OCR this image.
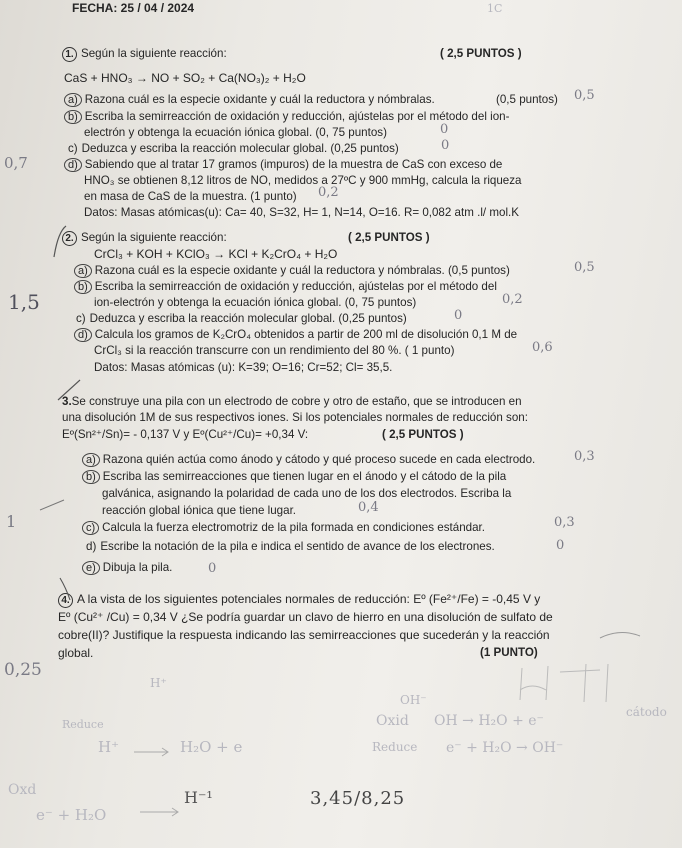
FECHA: 25 / 04 / 2024	1C
1. Según la siguiente reacción:	( 2,5 PUNTOS )
CaS + HNO₃ → NO + SO₂ + Ca(NO₃)₂ + H₂O
a) Razona cuál es la especie oxidante y cuál la reductora y nómbralas.	(0,5 puntos) 0,5
b) Escriba la semirreacción de oxidación y reducción, ajústelas por el método del ion-
electrón y obtenga la ecuación iónica global. (0, 75 puntos)	0
c) Deduzca y escriba la reacción molecular global. (0,25 puntos)	0
d) Sabiendo que al tratar 17 gramos (impuros) de la muestra de CaS con exceso de
HNO₃ se obtienen 8,12 litros de NO, medidos a 27ºC y 900 mmHg, calcula la riqueza
en masa de CaS de la muestra. (1 punto) 0,2
Datos: Masas atómicas(u): Ca= 40, S=32, H= 1, N=14, O=16. R= 0,082 atm .l/ mol.K
0,7
2. Según la siguiente reacción:	( 2,5 PUNTOS )
CrCl₃ + KOH + KClO₃ → KCl + K₂CrO₄ + H₂O
a) Razona cuál es la especie oxidante y cuál la reductora y nómbralas. (0,5 puntos)	0,5
b) Escriba la semirreacción de oxidación y reducción, ajústelas por el método del
ion-electrón y obtenga la ecuación iónica global. (0, 75 puntos)	0,2
c) Deduzca y escriba la reacción molecular global. (0,25 puntos)	0
d) Calcula los gramos de K₂CrO₄ obtenidos a partir de 200 ml de disolución 0,1 M de
CrCl₃ si la reacción transcurre con un rendimiento del 80 %. ( 1 punto)	0,6
Datos: Masas atómicas (u): K=39; O=16; Cr=52; Cl= 35,5.
1,5
3.Se construye una pila con un electrodo de cobre y otro de estaño, que se introducen en
una disolución 1M de sus respectivos iones. Si los potenciales normales de reducción son:
Eº(Sn²⁺/Sn)= - 0,137 V y Eº(Cu²⁺/Cu)= +0,34 V:	( 2,5 PUNTOS )
a) Razona quién actúa como ánodo y cátodo y qué proceso sucede en cada electrodo.	0,3
b) Escriba las semirreacciones que tienen lugar en el ánodo y el cátodo de la pila
galvánica, asignando la polaridad de cada uno de los dos electrodos. Escriba la
reacción global iónica que tiene lugar.	0,4
c) Calcula la fuerza electromotriz de la pila formada en condiciones estándar.	0,3
d) Escribe la notación de la pila e indica el sentido de avance de los electrones.	0
e) Dibuja la pila.	0
1
4. A la vista de los siguientes potenciales normales de reducción: Eº (Fe²⁺/Fe) = -0,45 V y
Eº (Cu²⁺ /Cu) = 0,34 V ¿Se podría guardar un clavo de hierro en una disolución de sulfato de
cobre(II)? Justifique la respuesta indicando las semirreacciones que sucederán y la reacción
global.	(1 PUNTO)
0,25
OH⁻
Oxid OH → H₂O + e⁻
Reduce e⁻ + H₂O → OH⁻
cátodo
H⁺
Reduce
H⁺	H₂O + e
Oxd
e⁻ + H₂O
H⁻¹	3,45/8,25
